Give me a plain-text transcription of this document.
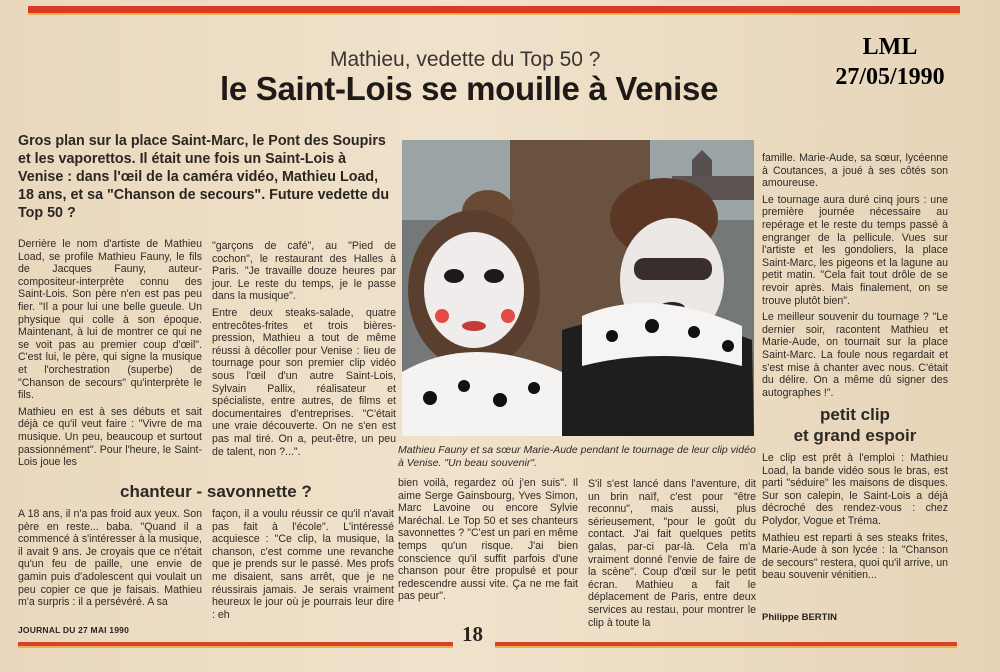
Mathieu, vedette du Top 50 ?
le Saint-Lois se mouille à Venise
LML
27/05/1990
Gros plan sur la place Saint-Marc, le Pont des Soupirs et les vaporettos. Il était une fois un Saint-Lois à Venise : dans l'œil de la caméra vidéo, Mathieu Load, 18 ans, et sa "Chanson de secours". Future vedette du Top 50 ?

Derrière le nom d'artiste de Mathieu Load, se profile Mathieu Fauny, le fils de Jacques Fauny, auteur-compositeur-interprète connu des Saint-Lois. Son père n'en est pas peu fier. "Il a pour lui une belle gueule. Un physique qui colle à son époque. Maintenant, à lui de montrer ce qui ne se voit pas au premier coup d'œil". C'est lui, le père, qui signe la musique et l'orchestration (superbe) de "Chanson de secours" qu'interprète le fils.

Mathieu en est à ses débuts et sait déjà ce qu'il veut faire : "Vivre de ma musique. Un peu, beaucoup et surtout passionnément". Pour l'heure, le Saint-Lois joue les

"garçons de café", au "Pied de cochon", le restaurant des Halles à Paris. "Je travaille douze heures par jour. Le reste du temps, je le passe dans la musique".

Entre deux steaks-salade, quatre entrecôtes-frites et trois bières-pression, Mathieu a tout de même réussi à décoller pour Venise : lieu de tournage pour son premier clip vidéo sous l'œil d'un autre Saint-Lois, Sylvain Pallix, réalisateur et spécialiste, entre autres, de films et documentaires d'entreprises. "C'était une vraie découverte. On ne s'en est pas mal tiré. On a, peut-être, un peu de talent, non ?...".	Mathieu Fauny et sa sœur Marie-Aude pendant le tournage de leur clip vidéo à Venise. "Un beau souvenir".

famille. Marie-Aude, sa sœur, lycéenne à Coutances, a joué à ses côtés son amoureuse.

Le tournage aura duré cinq jours : une première journée nécessaire au repérage et le reste du temps passé à engranger de la pellicule. Vues sur l'artiste et les gondoliers, la place Saint-Marc, les pigeons et la lagune au petit matin. "Cela fait tout drôle de se revoir après. Mais finalement, on se trouve plutôt bien".

Le meilleur souvenir du tournage ? "Le dernier soir, racontent Mathieu et Marie-Aude, on tournait sur la place Saint-Marc. La foule nous regardait et s'est mise à chanter avec nous. C'était du délire. On a même dû signer des autographes !".

chanteur - savonnette ?
petit clip
et grand espoir

A 18 ans, il n'a pas froid aux yeux. Son père en reste... baba. "Quand il a commencé à s'intéresser à la musique, il avait 9 ans. Je croyais que ce n'était qu'un feu de paille, une envie de gamin puis d'adolescent qui voulait un peu copier ce que je faisais. Mathieu m'a surpris : il a persévéré. A sa

façon, il a voulu réussir ce qu'il n'avait pas fait à l'école". L'intéressé acquiesce : "Ce clip, la musique, la chanson, c'est comme une revanche que je prends sur le passé. Mes profs me disaient, sans arrêt, que je ne réussirais jamais. Je serais vraiment heureux le jour où je pourrais leur dire : eh

bien voilà, regardez où j'en suis". Il aime Serge Gainsbourg, Yves Simon, Marc Lavoine ou encore Sylvie Maréchal. Le Top 50 et ses chanteurs savonnettes ? "C'est un pari en même temps qu'un risque. J'ai bien conscience qu'il suffit parfois d'une chanson pour être propulsé et pour redescendre aussi vite. Ça ne me fait pas peur".

S'il s'est lancé dans l'aventure, dit un brin naïf, c'est pour "être reconnu", mais aussi, plus sérieusement, "pour le goût du contact. J'ai fait quelques petits galas, par-ci par-là. Cela m'a vraiment donné l'envie de faire de la scène". Coup d'œil sur le petit écran. Mathieu a fait le déplacement de Paris, entre deux services au restau, pour montrer le clip à toute la

Le clip est prêt à l'emploi : Mathieu Load, la bande vidéo sous le bras, est parti "séduire" les maisons de disques. Sur son calepin, le Saint-Lois a déjà décroché des rendez-vous : chez Polydor, Vogue et Tréma.

Mathieu est reparti à ses steaks frites, Marie-Aude à son lycée : la "Chanson de secours" restera, quoi qu'il arrive, un beau souvenir vénitien...

Philippe BERTIN
JOURNAL DU 27 MAI 1990	18
